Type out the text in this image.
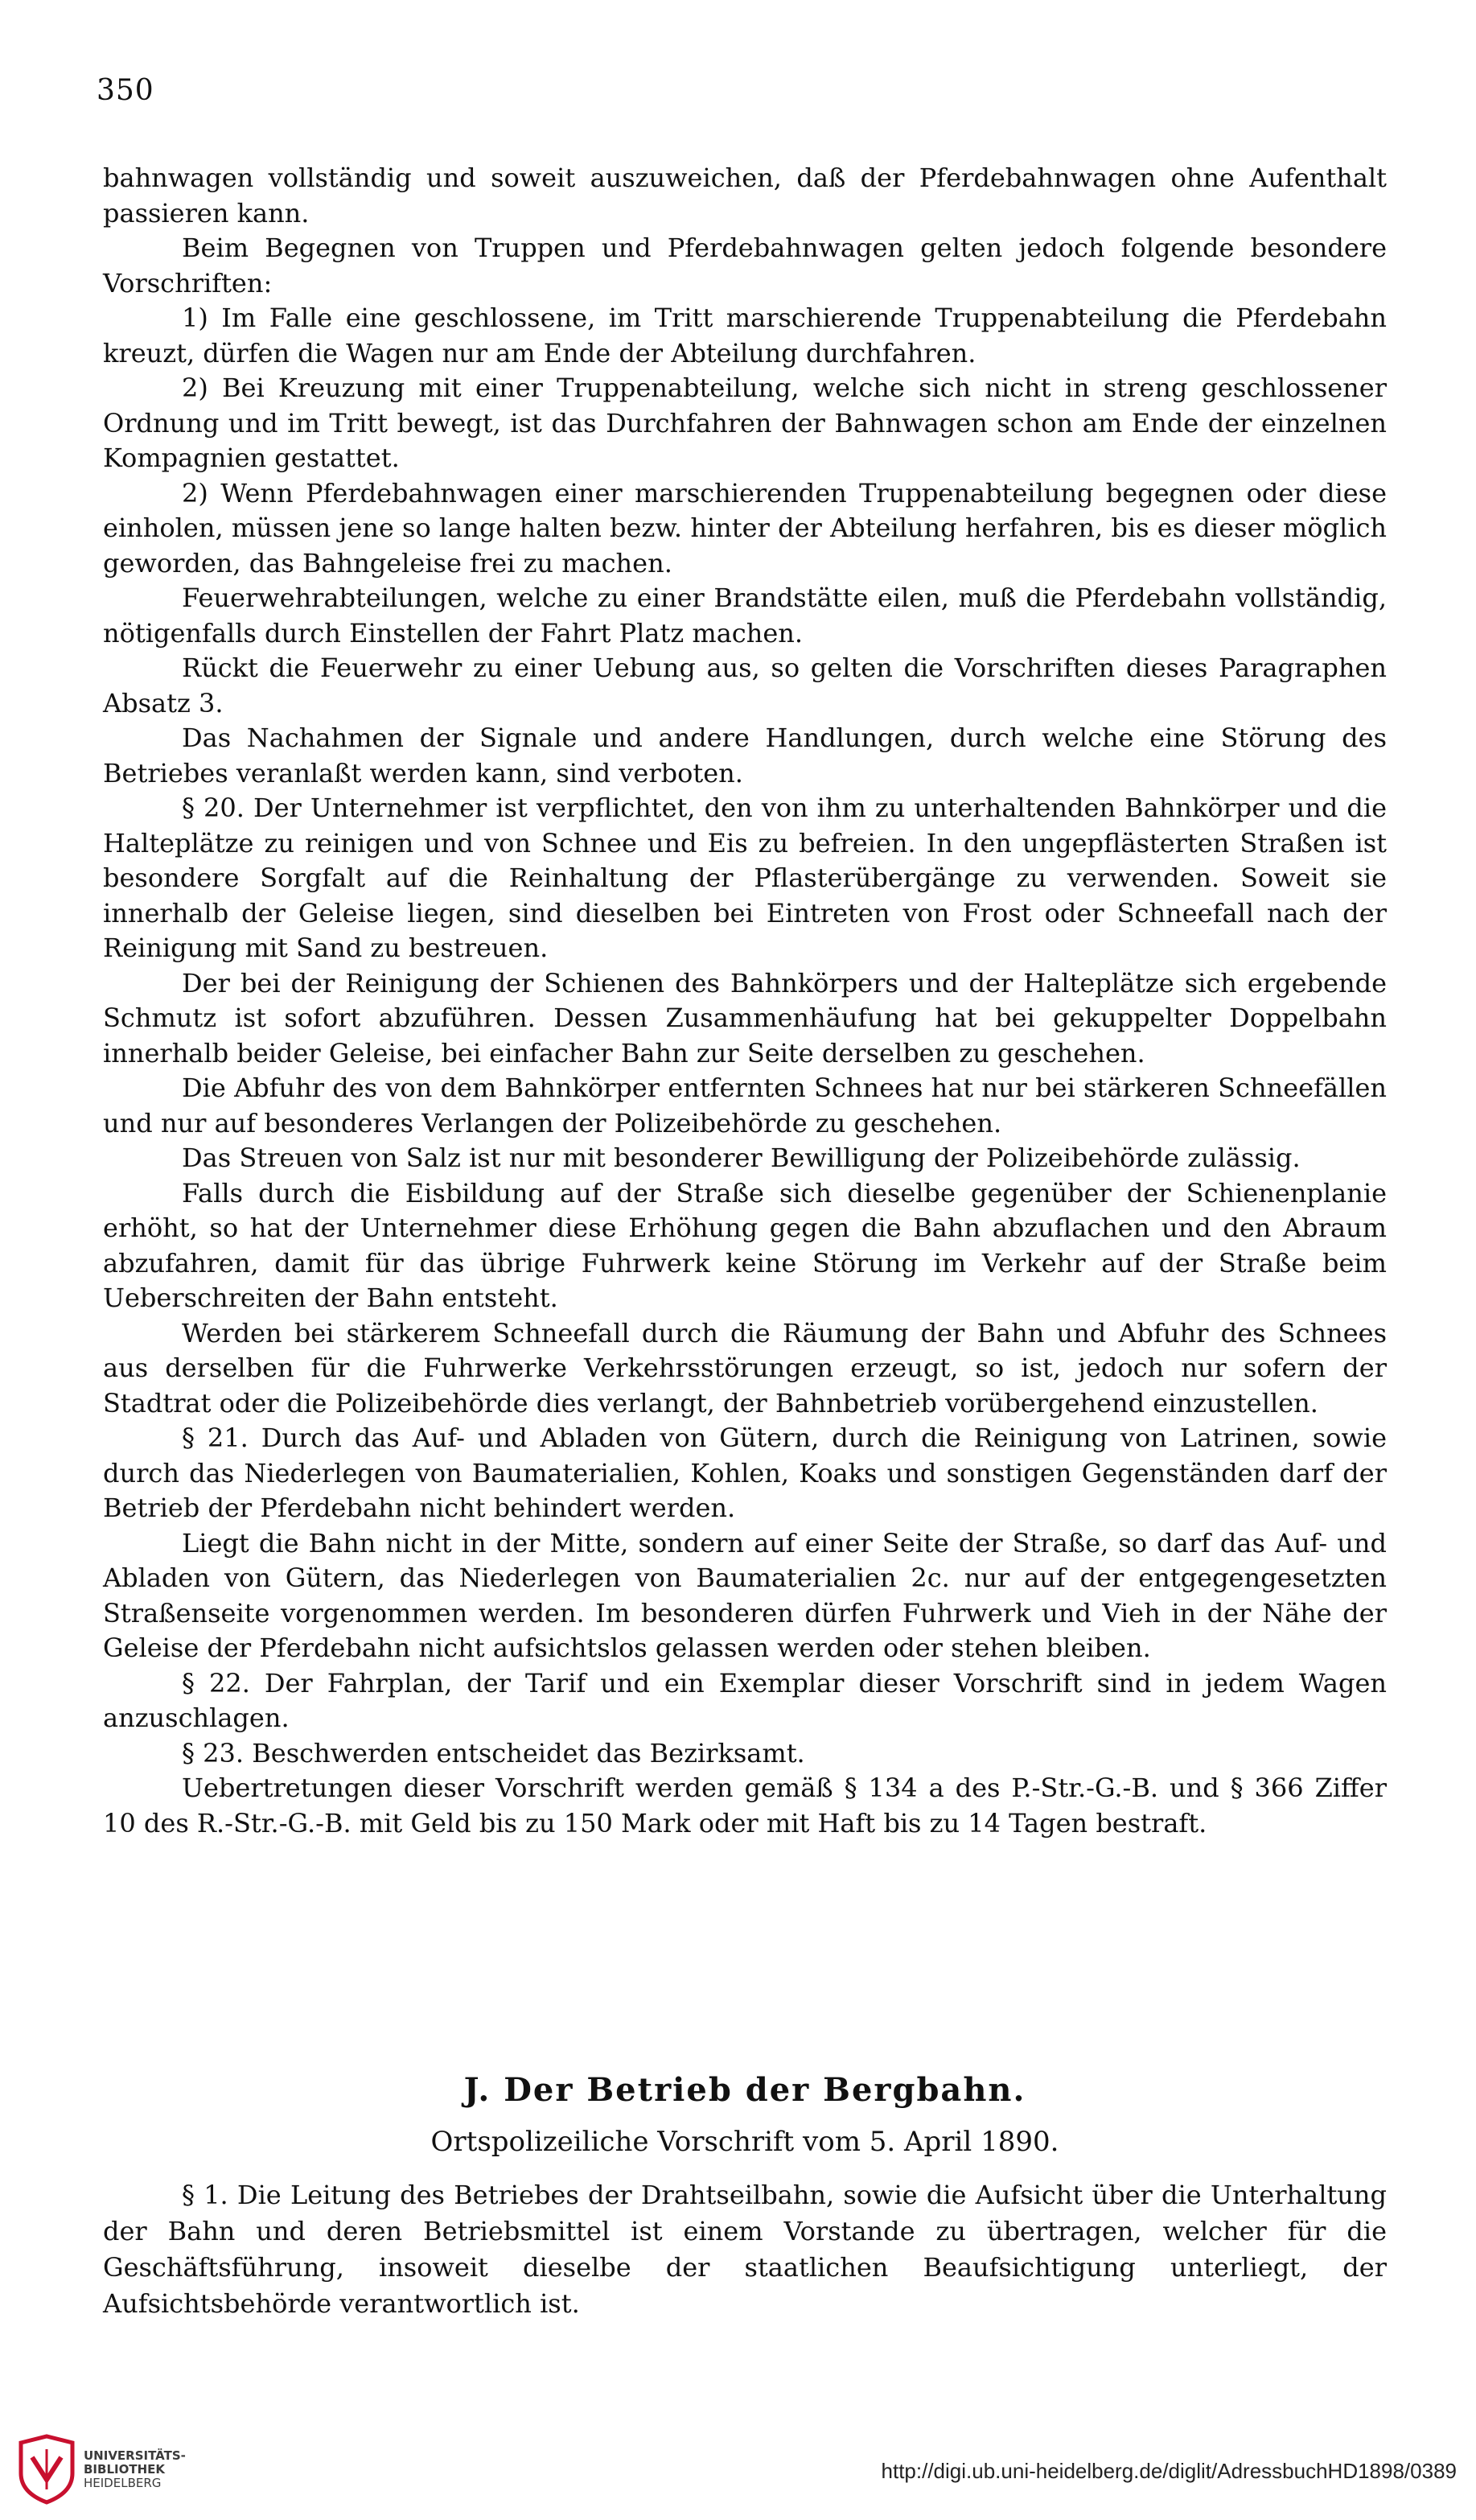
350

bahnwagen vollständig und soweit auszuweichen, daß der Pferdebahnwagen ohne Aufenthalt passieren kann.

Beim Begegnen von Truppen und Pferdebahnwagen gelten jedoch folgende besondere Vorschriften:

1) Im Falle eine geschlossene, im Tritt marschierende Truppenabteilung die Pferdebahn kreuzt, dürfen die Wagen nur am Ende der Abteilung durchfahren.

2) Bei Kreuzung mit einer Truppenabteilung, welche sich nicht in streng geschlossener Ordnung und im Tritt bewegt, ist das Durchfahren der Bahnwagen schon am Ende der einzelnen Kompagnien gestattet.

2) Wenn Pferdebahnwagen einer marschierenden Truppenabteilung begegnen oder diese einholen, müssen jene so lange halten bezw. hinter der Abteilung herfahren, bis es dieser möglich geworden, das Bahngeleise frei zu machen.

Feuerwehrabteilungen, welche zu einer Brandstätte eilen, muß die Pferdebahn vollständig, nötigenfalls durch Einstellen der Fahrt Platz machen.

Rückt die Feuerwehr zu einer Uebung aus, so gelten die Vorschriften dieses Paragraphen Absatz 3.

Das Nachahmen der Signale und andere Handlungen, durch welche eine Störung des Betriebes veranlaßt werden kann, sind verboten.

§ 20. Der Unternehmer ist verpflichtet, den von ihm zu unterhaltenden Bahnkörper und die Halteplätze zu reinigen und von Schnee und Eis zu befreien. In den ungepflästerten Straßen ist besondere Sorgfalt auf die Reinhaltung der Pflasterübergänge zu verwenden. Soweit sie innerhalb der Geleise liegen, sind dieselben bei Eintreten von Frost oder Schneefall nach der Reinigung mit Sand zu bestreuen.

Der bei der Reinigung der Schienen des Bahnkörpers und der Halteplätze sich ergebende Schmutz ist sofort abzuführen. Dessen Zusammenhäufung hat bei gekuppelter Doppelbahn innerhalb beider Geleise, bei einfacher Bahn zur Seite derselben zu geschehen.

Die Abfuhr des von dem Bahnkörper entfernten Schnees hat nur bei stärkeren Schneefällen und nur auf besonderes Verlangen der Polizeibehörde zu geschehen.

Das Streuen von Salz ist nur mit besonderer Bewilligung der Polizeibehörde zulässig.

Falls durch die Eisbildung auf der Straße sich dieselbe gegenüber der Schienenplanie erhöht, so hat der Unternehmer diese Erhöhung gegen die Bahn abzuflachen und den Abraum abzufahren, damit für das übrige Fuhrwerk keine Störung im Verkehr auf der Straße beim Ueberschreiten der Bahn entsteht.

Werden bei stärkerem Schneefall durch die Räumung der Bahn und Abfuhr des Schnees aus derselben für die Fuhrwerke Verkehrsstörungen erzeugt, so ist, jedoch nur sofern der Stadtrat oder die Polizeibehörde dies verlangt, der Bahnbetrieb vorübergehend einzustellen.

§ 21. Durch das Auf- und Abladen von Gütern, durch die Reinigung von Latrinen, sowie durch das Niederlegen von Baumaterialien, Kohlen, Koaks und sonstigen Gegenständen darf der Betrieb der Pferdebahn nicht behindert werden.

Liegt die Bahn nicht in der Mitte, sondern auf einer Seite der Straße, so darf das Auf- und Abladen von Gütern, das Niederlegen von Baumaterialien 2c. nur auf der entgegengesetzten Straßenseite vorgenommen werden. Im besonderen dürfen Fuhrwerk und Vieh in der Nähe der Geleise der Pferdebahn nicht aufsichtslos gelassen werden oder stehen bleiben.

§ 22. Der Fahrplan, der Tarif und ein Exemplar dieser Vorschrift sind in jedem Wagen anzuschlagen.

§ 23. Beschwerden entscheidet das Bezirksamt.

Uebertretungen dieser Vorschrift werden gemäß § 134 a des P.-Str.-G.-B. und § 366 Ziffer 10 des R.-Str.-G.-B. mit Geld bis zu 150 Mark oder mit Haft bis zu 14 Tagen bestraft.

J. Der Betrieb der Bergbahn.
Ortspolizeiliche Vorschrift vom 5. April 1890.

§ 1. Die Leitung des Betriebes der Drahtseilbahn, sowie die Aufsicht über die Unterhaltung der Bahn und deren Betriebsmittel ist einem Vorstande zu übertragen, welcher für die Geschäftsführung, insoweit dieselbe der staatlichen Beaufsichtigung unterliegt, der Aufsichtsbehörde verantwortlich ist.

UNIVERSITÄTS-
BIBLIOTHEK
HEIDELBERG	http://digi.ub.uni-heidelberg.de/diglit/AdressbuchHD1898/0389
